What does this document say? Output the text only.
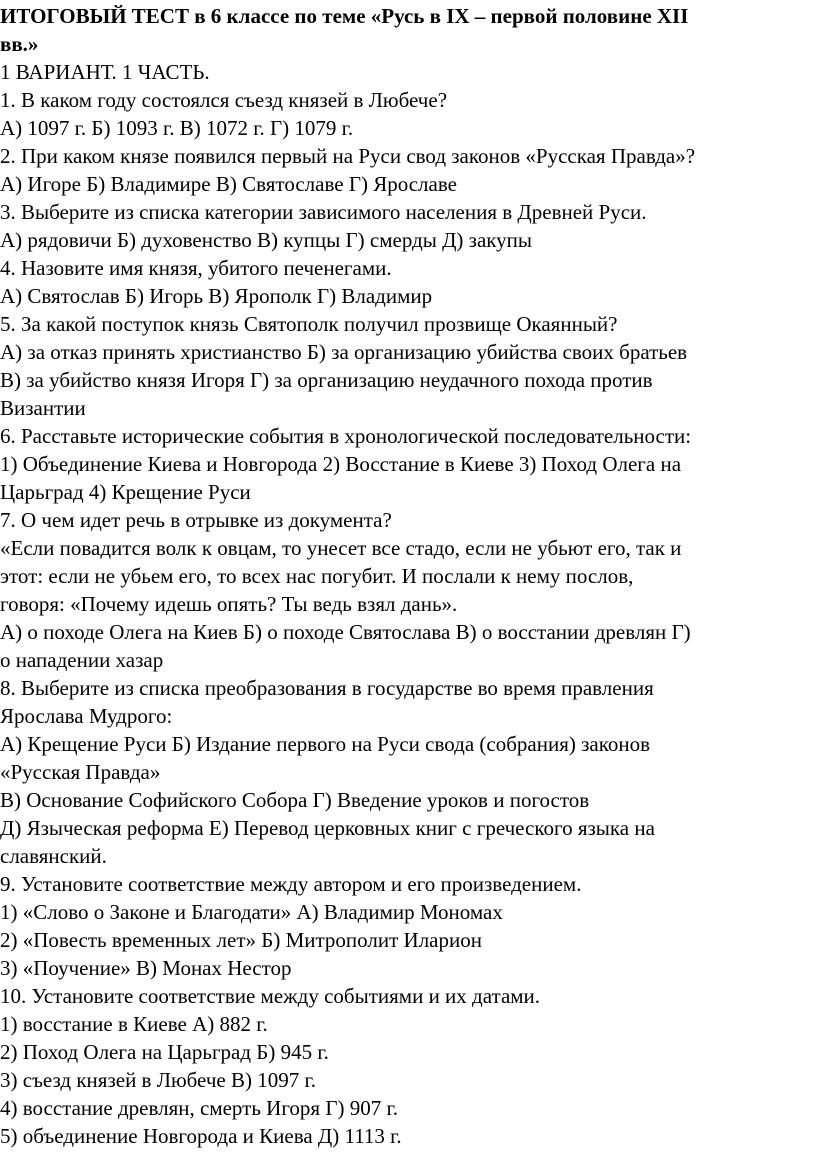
ИТОГОВЫЙ ТЕСТ в 6 классе по теме «Русь в IX – первой половине XII
вв.»
1 ВАРИАНТ. 1 ЧАСТЬ.
1. В каком году состоялся съезд князей в Любече?
А) 1097 г. Б) 1093 г. В) 1072 г. Г) 1079 г.
2. При каком князе появился первый на Руси свод законов «Русская Правда»?
А) Игоре Б) Владимире В) Святославе Г) Ярославе
3. Выберите из списка категории зависимого населения в Древней Руси.
А) рядовичи Б) духовенство В) купцы Г) смерды Д) закупы
4. Назовите имя князя, убитого печенегами.
А) Святослав Б) Игорь В) Ярополк Г) Владимир
5. За какой поступок князь Святополк получил прозвище Окаянный?
А) за отказ принять христианство Б) за организацию убийства своих братьев
В) за убийство князя Игоря Г) за организацию неудачного похода против
Византии
6. Расставьте исторические события в хронологической последовательности:
1) Объединение Киева и Новгорода 2) Восстание в Киеве 3) Поход Олега на
Царьград 4) Крещение Руси
7. О чем идет речь в отрывке из документа?
«Если повадится волк к овцам, то унесет все стадо, если не убьют его, так и
этот: если не убьем его, то всех нас погубит. И послали к нему послов,
говоря: «Почему идешь опять? Ты ведь взял дань».
А) о походе Олега на Киев Б) о походе Святослава В) о восстании древлян Г)
о нападении хазар
8. Выберите из списка преобразования в государстве во время правления
Ярослава Мудрого:
А) Крещение Руси Б) Издание первого на Руси свода (собрания) законов
«Русская Правда»
В) Основание Софийского Собора Г) Введение уроков и погостов
Д) Языческая реформа Е) Перевод церковных книг с греческого языка на
славянский.
9. Установите соответствие между автором и его произведением.
1) «Слово о Законе и Благодати» А) Владимир Мономах
2) «Повесть временных лет» Б) Митрополит Иларион
3) «Поучение» В) Монах Нестор
10. Установите соответствие между событиями и их датами.
1) восстание в Киеве А) 882 г.
2) Поход Олега на Царьград Б) 945 г.
3) съезд князей в Любече В) 1097 г.
4) восстание древлян, смерть Игоря Г) 907 г.
5) объединение Новгорода и Киева Д) 1113 г.
